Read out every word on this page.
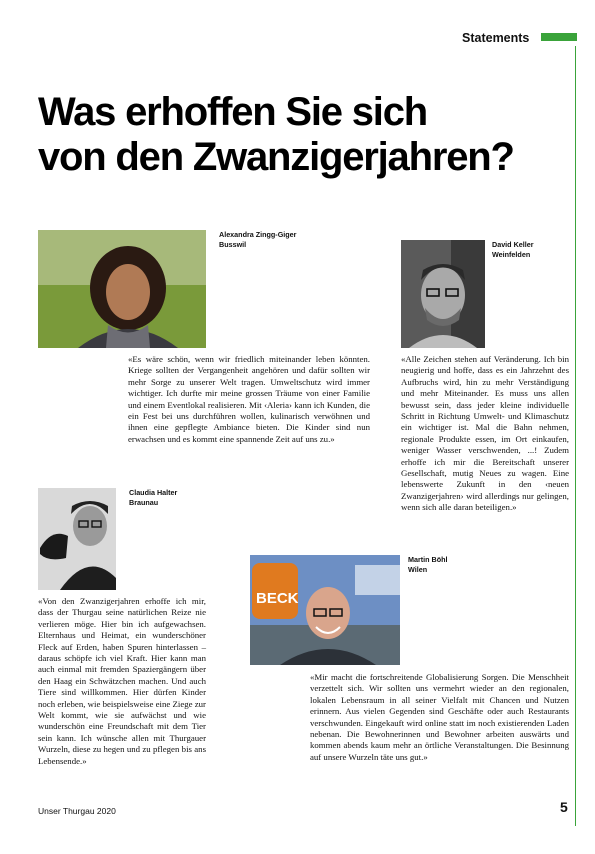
Statements
Was erhoffen Sie sich
von den Zwanzigerjahren?
Alexandra Zingg-Giger
Busswil

«Es wäre schön, wenn wir friedlich miteinander leben könnten. Kriege sollten der Vergangenheit angehören und dafür sollten wir mehr Sorge zu unserer Welt tragen. Umweltschutz wird immer wichtiger. Ich durfte mir meine grossen Träume von einer Familie und einem Eventlokal realisieren. Mit ‹Aleria› kann ich Kunden, die ein Fest bei uns durchführen wollen, kulinarisch verwöhnen und ihnen eine gepflegte Ambiance bieten. Die Kinder sind nun erwachsen und es kommt eine spannende Zeit auf uns zu.»

David Keller
Weinfelden

«Alle Zeichen stehen auf Veränderung. Ich bin neugierig und hoffe, dass es ein Jahrzehnt des Aufbruchs wird, hin zu mehr Verständigung und mehr Miteinander. Es muss uns allen bewusst sein, dass jeder kleine individuelle Schritt in Richtung Umwelt- und Klimaschutz ein wichtiger ist. Mal die Bahn nehmen, regionale Produkte essen, im Ort einkaufen, weniger Wasser verschwenden, ...! Zudem erhoffe ich mir die Bereitschaft unserer Gesellschaft, mutig Neues zu wagen. Eine lebenswerte Zukunft in den ‹neuen Zwanzigerjahren› wird allerdings nur gelingen, wenn sich alle daran beteiligen.»

Claudia Halter
Braunau

«Von den Zwanzigerjahren erhoffe ich mir, dass der Thurgau seine natürlichen Reize nie verlieren möge. Hier bin ich aufgewachsen. Elternhaus und Heimat, ein wunderschöner Fleck auf Erden, haben Spuren hinterlassen – daraus schöpfe ich viel Kraft. Hier kann man auch einmal mit fremden Spaziergängern über den Haag ein Schwätzchen machen. Und auch Tiere sind willkommen. Hier dürfen Kinder noch erleben, wie beispielsweise eine Ziege zur Welt kommt, wie sie aufwächst und wie wunderschön eine Freundschaft mit dem Tier sein kann. Ich wünsche allen mit Thurgauer Wurzeln, diese zu hegen und zu pflegen bis ans Lebensende.»

BECK
Martin Böhl
Wilen

«Mir macht die fortschreitende Globalisierung Sorgen. Die Menschheit verzettelt sich. Wir sollten uns vermehrt wieder an den regionalen, lokalen Lebensraum in all seiner Vielfalt mit Chancen und Nutzen erinnern. Aus vielen Gegenden sind Geschäfte oder auch Restaurants verschwunden. Eingekauft wird online statt im noch existierenden Laden nebenan. Die Bewohnerinnen und Bewohner arbeiten auswärts und kommen abends kaum mehr an örtliche Veranstaltungen. Die Besinnung auf unsere Wurzeln täte uns gut.»

Unser Thurgau 2020	5
